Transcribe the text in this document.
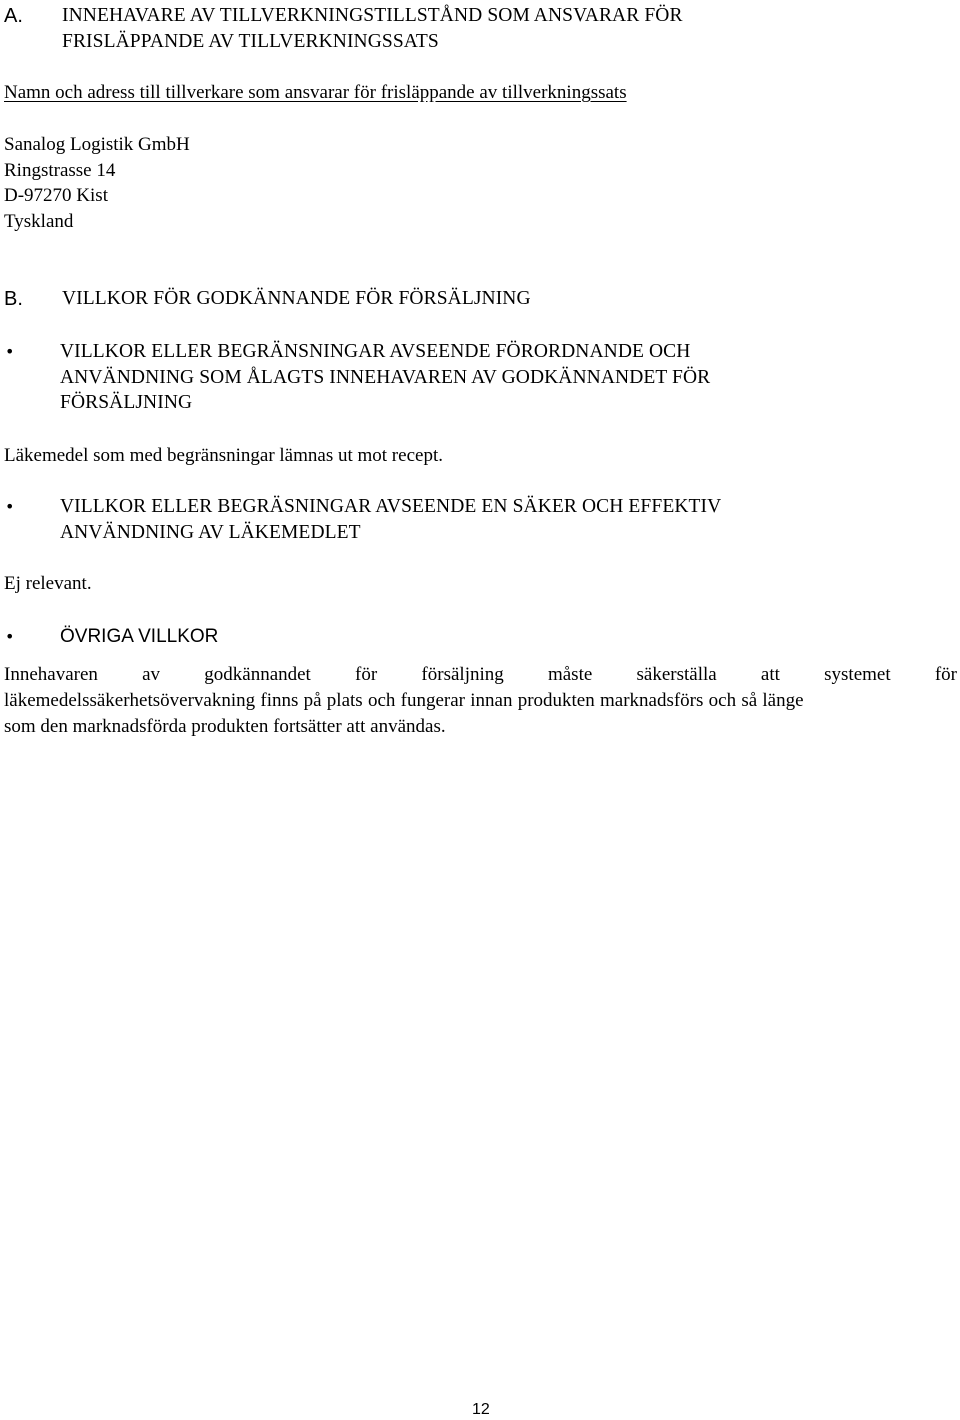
A. INNEHAVARE AV TILLVERKNINGSTILLSTÅND SOM ANSVARAR FÖR
FRISLÄPPANDE AV TILLVERKNINGSSATS
Namn och adress till tillverkare som ansvarar för frisläppande av tillverkningssats
Sanalog Logistik GmbH
Ringstrasse 14
D-97270 Kist
Tyskland
B. VILLKOR FÖR GODKÄNNANDE FÖR FÖRSÄLJNING
• VILLKOR ELLER BEGRÄNSNINGAR AVSEENDE FÖRORDNANDE OCH
ANVÄNDNING SOM ÅLAGTS INNEHAVAREN AV GODKÄNNANDET FÖR
FÖRSÄLJNING
Läkemedel som med begränsningar lämnas ut mot recept.
• VILLKOR ELLER BEGRÄSNINGAR AVSEENDE EN SÄKER OCH EFFEKTIV
ANVÄNDNING AV LÄKEMEDLET
Ej relevant.
• ÖVRIGA VILLKOR
Innehavaren av godkännandet för försäljning måste säkerställa att systemet för
läkemedelssäkerhetsövervakning finns på plats och fungerar innan produkten marknadsförs och så länge
som den marknadsförda produkten fortsätter att användas.
12
